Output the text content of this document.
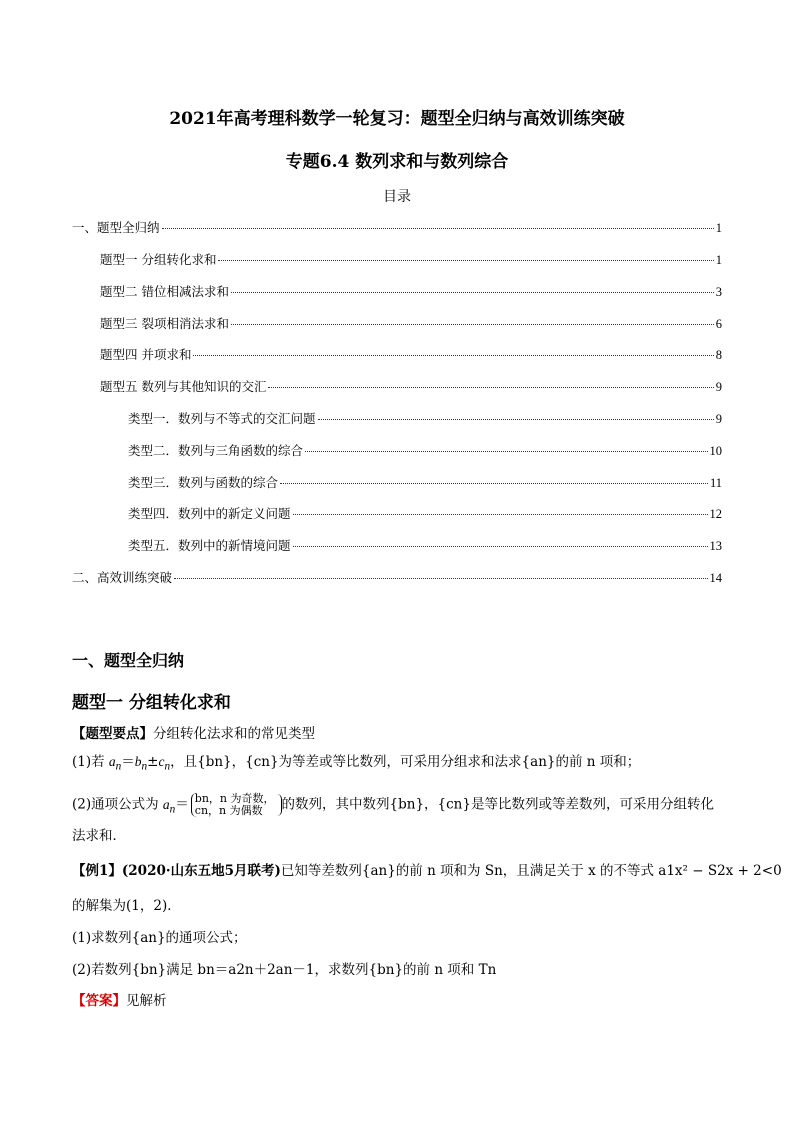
2021年高考理科数学一轮复习：题型全归纳与高效训练突破
专题6.4 数列求和与数列综合
目录
一、题型全归纳	1
题型一 分组转化求和	1
题型二 错位相减法求和	3
题型三 裂项相消法求和	6
题型四 并项求和	8
题型五 数列与其他知识的交汇	9
类型一．数列与不等式的交汇问题	9
类型二．数列与三角函数的综合	10
类型三．数列与函数的综合	11
类型四．数列中的新定义问题	12
类型五．数列中的新情境问题	13
二、高效训练突破	14
一、题型全归纳
题型一 分组转化求和
【题型要点】分组转化法求和的常见类型
(1)若 $a_n=b_n\pm c_n$，且{bn}，{cn}为等差或等比数列，可采用分组求和法求{an}的前 n 项和；
(2)通项公式为 $a_n=$ bn，n 为奇数，
cn，n 为偶数 的数列，其中数列{bn}，{cn}是等比数列或等差数列，可采用分组转化
法求和．
【例1】(2020·山东五地5月联考)已知等差数列{an}的前 n 项和为 Sn，且满足关于 x 的不等式 a1x² − S2x + 2<0
的解集为(1，2)．
(1)求数列{an}的通项公式；
(2)若数列{bn}满足 bn＝a2n＋2an－1，求数列{bn}的前 n 项和 Tn
【答案】见解析
